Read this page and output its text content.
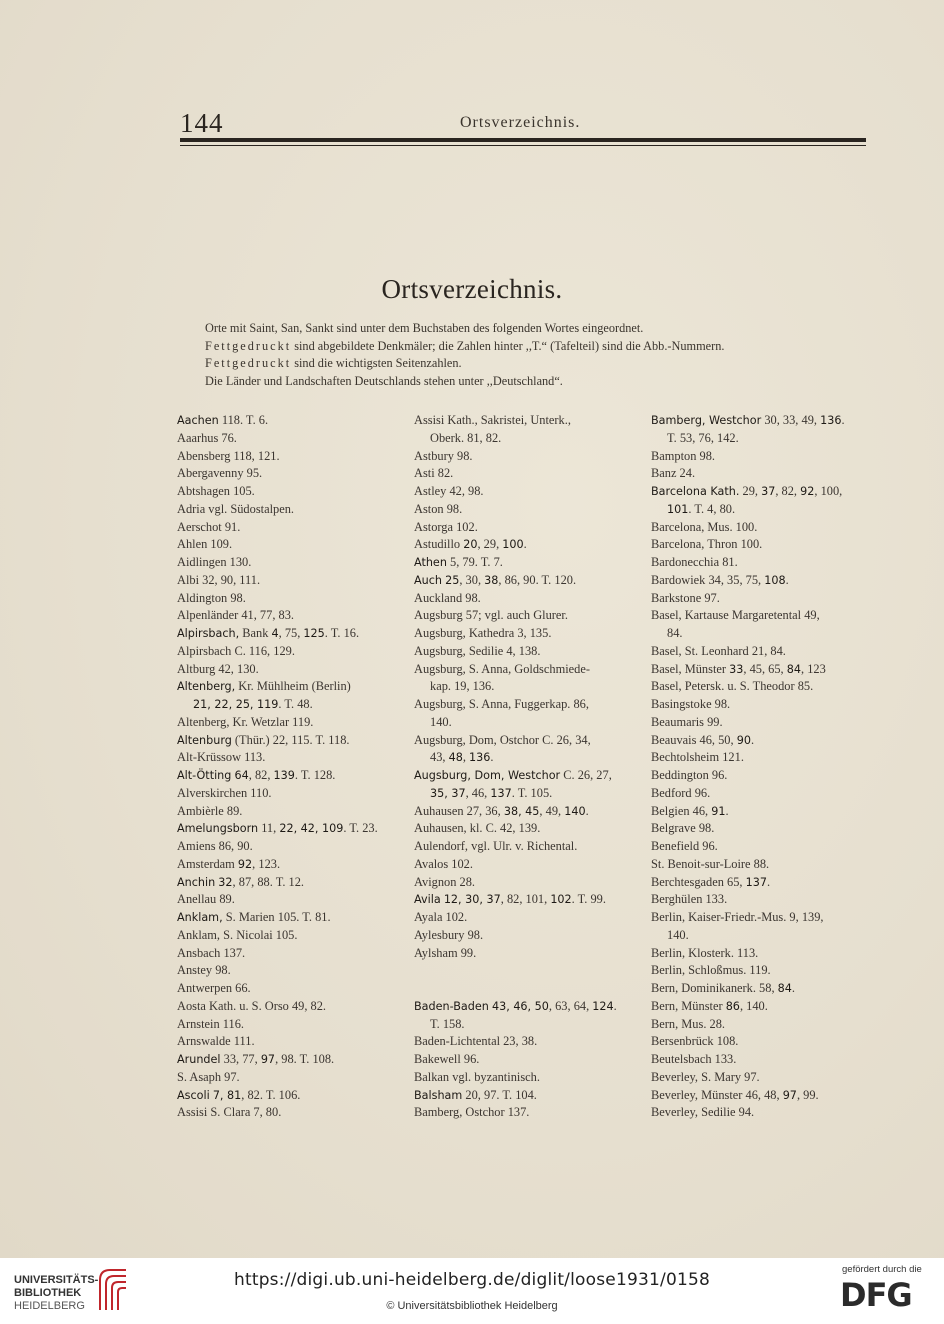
144	Ortsverzeichnis.
Ortsverzeichnis.
Orte mit Saint, San, Sankt sind unter dem Buchstaben des folgenden Wortes eingeordnet.
Fettgedruckt sind abgebildete Denkmäler; die Zahlen hinter ,,T.“ (Tafelteil) sind die Abb.-Nummern.
Fettgedruckt sind die wichtigsten Seitenzahlen.
Die Länder und Landschaften Deutschlands stehen unter ,,Deutschland“.
Aachen 118. T. 6.
Aaarhus 76.
Abensberg 118, 121.
Abergavenny 95.
Abtshagen 105.
Adria vgl. Südostalpen.
Aerschot 91.
Ahlen 109.
Aidlingen 130.
Albi 32, 90, 111.
Aldington 98.
Alpenländer 41, 77, 83.
Alpirsbach, Bank 4, 75, 125. T. 16.
Alpirsbach C. 116, 129.
Altburg 42, 130.
Altenberg, Kr. Mühlheim (Berlin)
21, 22, 25, 119. T. 48.
Altenberg, Kr. Wetzlar 119.
Altenburg (Thür.) 22, 115. T. 118.
Alt-Krüssow 113.
Alt-Ötting 64, 82, 139. T. 128.
Alverskirchen 110.
Ambièrle 89.
Amelungsborn 11, 22, 42, 109. T. 23.
Amiens 86, 90.
Amsterdam 92, 123.
Anchin 32, 87, 88. T. 12.
Anellau 89.
Anklam, S. Marien 105. T. 81.
Anklam, S. Nicolai 105.
Ansbach 137.
Anstey 98.
Antwerpen 66.
Aosta Kath. u. S. Orso 49, 82.
Arnstein 116.
Arnswalde 111.
Arundel 33, 77, 97, 98. T. 108.
S. Asaph 97.
Ascoli 7, 81, 82. T. 106.
Assisi S. Clara 7, 80.
Assisi Kath., Sakristei, Unterk.,
Oberk. 81, 82.
Astbury 98.
Asti 82.
Astley 42, 98.
Aston 98.
Astorga 102.
Astudillo 20, 29, 100.
Athen 5, 79. T. 7.
Auch 25, 30, 38, 86, 90. T. 120.
Auckland 98.
Augsburg 57; vgl. auch Glurer.
Augsburg, Kathedra 3, 135.
Augsburg, Sedilie 4, 138.
Augsburg, S. Anna, Goldschmiede-
kap. 19, 136.
Augsburg, S. Anna, Fuggerkap. 86,
140.
Augsburg, Dom, Ostchor C. 26, 34,
43, 48, 136.
Augsburg, Dom, Westchor C. 26, 27,
35, 37, 46, 137. T. 105.
Auhausen 27, 36, 38, 45, 49, 140.
Auhausen, kl. C. 42, 139.
Aulendorf, vgl. Ulr. v. Richental.
Avalos 102.
Avignon 28.
Avila 12, 30, 37, 82, 101, 102. T. 99.
Ayala 102.
Aylesbury 98.
Aylsham 99.
Baden-Baden 43, 46, 50, 63, 64, 124.
T. 158.
Baden-Lichtental 23, 38.
Bakewell 96.
Balkan vgl. byzantinisch.
Balsham 20, 97. T. 104.
Bamberg, Ostchor 137.
Bamberg, Westchor 30, 33, 49, 136.
T. 53, 76, 142.
Bampton 98.
Banz 24.
Barcelona Kath. 29, 37, 82, 92, 100,
101. T. 4, 80.
Barcelona, Mus. 100.
Barcelona, Thron 100.
Bardonecchia 81.
Bardowiek 34, 35, 75, 108.
Barkstone 97.
Basel, Kartause Margaretental 49,
84.
Basel, St. Leonhard 21, 84.
Basel, Münster 33, 45, 65, 84, 123
Basel, Petersk. u. S. Theodor 85.
Basingstoke 98.
Beaumaris 99.
Beauvais 46, 50, 90.
Bechtolsheim 121.
Beddington 96.
Bedford 96.
Belgien 46, 91.
Belgrave 98.
Benefield 96.
St. Benoit-sur-Loire 88.
Berchtesgaden 65, 137.
Berghülen 133.
Berlin, Kaiser-Friedr.-Mus. 9, 139,
140.
Berlin, Klosterk. 113.
Berlin, Schloßmus. 119.
Bern, Dominikanerk. 58, 84.
Bern, Münster 86, 140.
Bern, Mus. 28.
Bersenbrück 108.
Beutelsbach 133.
Beverley, S. Mary 97.
Beverley, Münster 46, 48, 97, 99.
Beverley, Sedilie 94.
UNIVERSITÄTS-
BIBLIOTHEK
HEIDELBERG
https://digi.ub.uni-heidelberg.de/diglit/loose1931/0158
© Universitätsbibliothek Heidelberg
gefördert durch die
DFG
